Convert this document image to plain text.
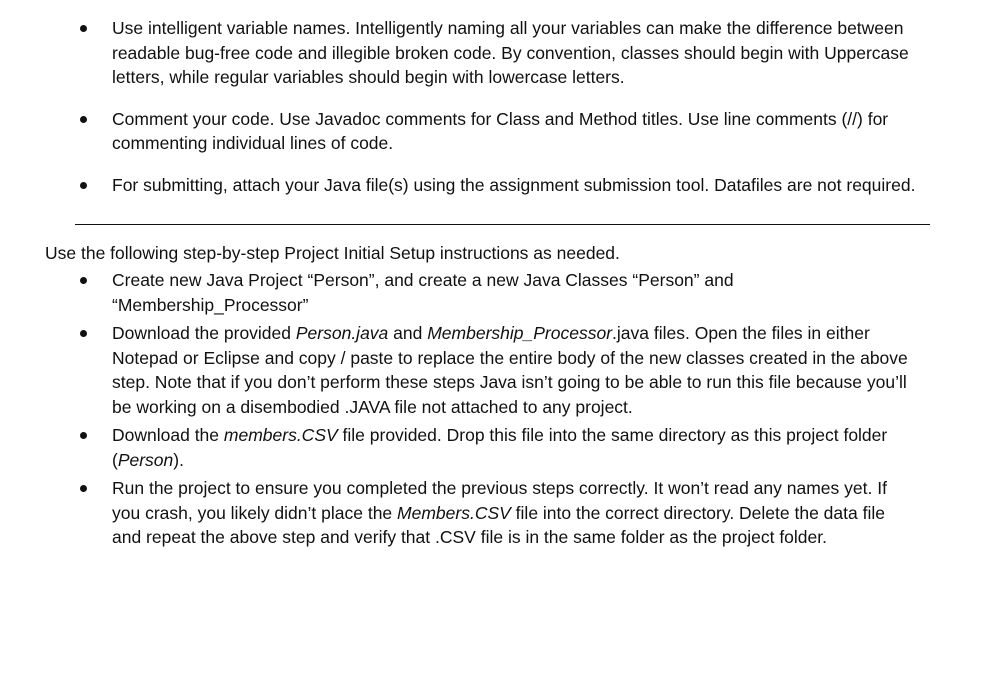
Use intelligent variable names. Intelligently naming all your variables can make the difference between readable bug-free code and illegible broken code. By convention, classes should begin with Uppercase letters, while regular variables should begin with lowercase letters.
Comment your code. Use Javadoc comments for Class and Method titles. Use line comments (//) for commenting individual lines of code.
For submitting, attach your Java file(s) using the assignment submission tool. Datafiles are not required.
Use the following step-by-step Project Initial Setup instructions as needed.
Create new Java Project “Person”, and create a new Java Classes “Person” and “Membership_Processor”
Download the provided Person.java and Membership_Processor.java files. Open the files in either Notepad or Eclipse and copy / paste to replace the entire body of the new classes created in the above step. Note that if you don’t perform these steps Java isn’t going to be able to run this file because you’ll be working on a disembodied .JAVA file not attached to any project.
Download the members.CSV file provided. Drop this file into the same directory as this project folder (Person).
Run the project to ensure you completed the previous steps correctly. It won’t read any names yet. If you crash, you likely didn’t place the Members.CSV file into the correct directory. Delete the data file and repeat the above step and verify that .CSV file is in the same folder as the project folder.
